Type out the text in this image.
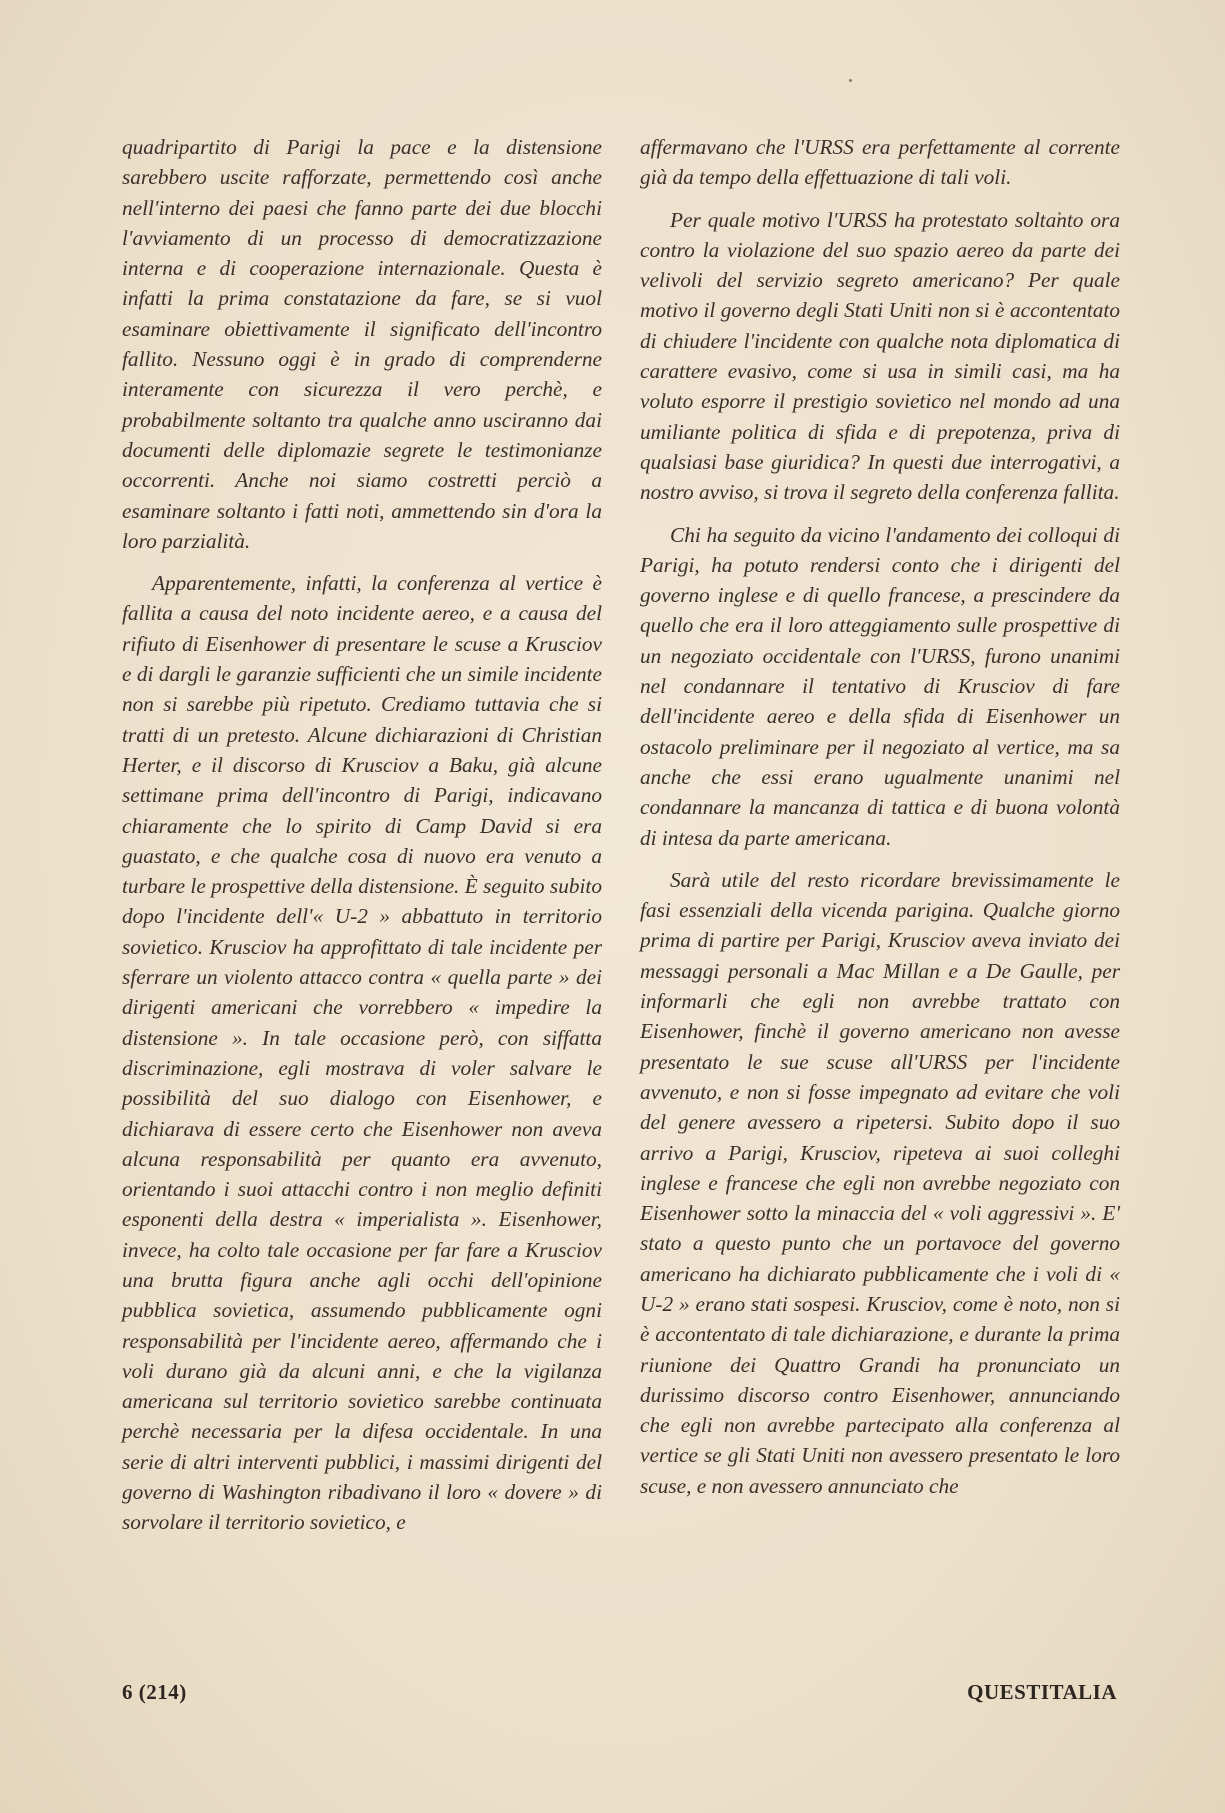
quadripartito di Parigi la pace e la distensione sarebbero uscite rafforzate, permettendo così anche nell'interno dei paesi che fanno parte dei due blocchi l'avviamento di un processo di democratizzazione interna e di cooperazione internazionale. Questa è infatti la prima constatazione da fare, se si vuol esaminare obiettivamente il significato dell'incontro fallito. Nessuno oggi è in grado di comprenderne interamente con sicurezza il vero perchè, e probabilmente soltanto tra qualche anno usciranno dai documenti delle diplomazie segrete le testimonianze occorrenti. Anche noi siamo costretti perciò a esaminare soltanto i fatti noti, ammettendo sin d'ora la loro parzialità.

Apparentemente, infatti, la conferenza al vertice è fallita a causa del noto incidente aereo, e a causa del rifiuto di Eisenhower di presentare le scuse a Krusciov e di dargli le garanzie sufficienti che un simile incidente non si sarebbe più ripetuto. Crediamo tuttavia che si tratti di un pretesto. Alcune dichiarazioni di Christian Herter, e il discorso di Krusciov a Baku, già alcune settimane prima dell'incontro di Parigi, indicavano chiaramente che lo spirito di Camp David si era guastato, e che qualche cosa di nuovo era venuto a turbare le prospettive della distensione. È seguito subito dopo l'incidente dell'« U-2 » abbattuto in territorio sovietico. Krusciov ha approfittato di tale incidente per sferrare un violento attacco contra « quella parte » dei dirigenti americani che vorrebbero « impedire la distensione ». In tale occasione però, con siffatta discriminazione, egli mostrava di voler salvare le possibilità del suo dialogo con Eisenhower, e dichiarava di essere certo che Eisenhower non aveva alcuna responsabilità per quanto era avvenuto, orientando i suoi attacchi contro i non meglio definiti esponenti della destra « imperialista ». Eisenhower, invece, ha colto tale occasione per far fare a Krusciov una brutta figura anche agli occhi dell'opinione pubblica sovietica, assumendo pubblicamente ogni responsabilità per l'incidente aereo, affermando che i voli durano già da alcuni anni, e che la vigilanza americana sul territorio sovietico sarebbe continuata perchè necessaria per la difesa occidentale. In una serie di altri interventi pubblici, i massimi dirigenti del governo di Washington ribadivano il loro « dovere » di sorvolare il territorio sovietico, e

affermavano che l'URSS era perfettamente al corrente già da tempo della effettuazione di tali voli.

Per quale motivo l'URSS ha protestato soltanto ora contro la violazione del suo spazio aereo da parte dei velivoli del servizio segreto americano? Per quale motivo il governo degli Stati Uniti non si è accontentato di chiudere l'incidente con qualche nota diplomatica di carattere evasivo, come si usa in simili casi, ma ha voluto esporre il prestigio sovietico nel mondo ad una umiliante politica di sfida e di prepotenza, priva di qualsiasi base giuridica? In questi due interrogativi, a nostro avviso, si trova il segreto della conferenza fallita.

Chi ha seguito da vicino l'andamento dei colloqui di Parigi, ha potuto rendersi conto che i dirigenti del governo inglese e di quello francese, a prescindere da quello che era il loro atteggiamento sulle prospettive di un negoziato occidentale con l'URSS, furono unanimi nel condannare il tentativo di Krusciov di fare dell'incidente aereo e della sfida di Eisenhower un ostacolo preliminare per il negoziato al vertice, ma sa anche che essi erano ugualmente unanimi nel condannare la mancanza di tattica e di buona volontà di intesa da parte americana.

Sarà utile del resto ricordare brevissimamente le fasi essenziali della vicenda parigina. Qualche giorno prima di partire per Parigi, Krusciov aveva inviato dei messaggi personali a Mac Millan e a De Gaulle, per informarli che egli non avrebbe trattato con Eisenhower, finchè il governo americano non avesse presentato le sue scuse all'URSS per l'incidente avvenuto, e non si fosse impegnato ad evitare che voli del genere avessero a ripetersi. Subito dopo il suo arrivo a Parigi, Krusciov, ripeteva ai suoi colleghi inglese e francese che egli non avrebbe negoziato con Eisenhower sotto la minaccia del « voli aggressivi ». E' stato a questo punto che un portavoce del governo americano ha dichiarato pubblicamente che i voli di « U-2 » erano stati sospesi. Krusciov, come è noto, non si è accontentato di tale dichiarazione, e durante la prima riunione dei Quattro Grandi ha pronunciato un durissimo discorso contro Eisenhower, annunciando che egli non avrebbe partecipato alla conferenza al vertice se gli Stati Uniti non avessero presentato le loro scuse, e non avessero annunciato che

6 (214)	QUESTITALIA
